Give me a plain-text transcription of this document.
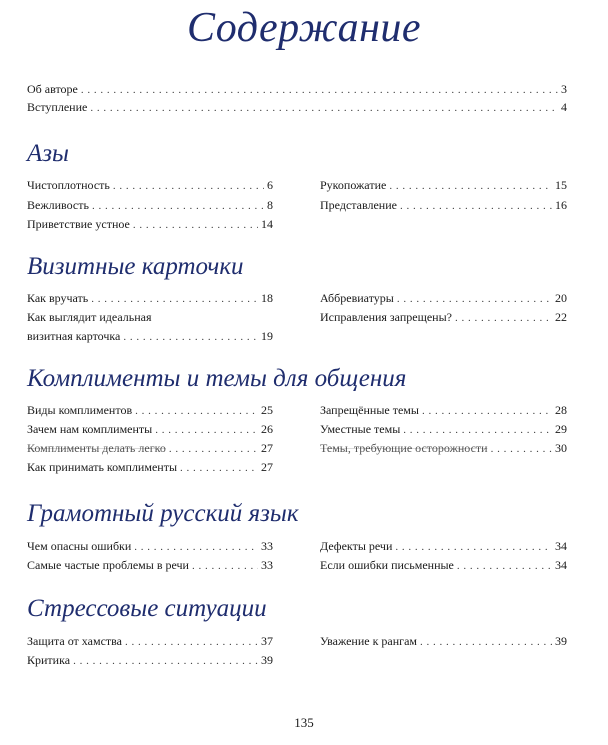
Содержание
Об авторе . . .	3
Вступление . . .	4
Азы
Чистоплотность . . .	6
Вежливость . . .	8
Приветствие устное . . .	14
Рукопожатие . . .	15
Представление . . .	16
Визитные карточки
Как вручать . . .	18
Как выглядит идеальная
визитная карточка . . .	19
Аббревиатуры . . .	20
Исправления запрещены? . . .	22
Комплименты и темы для общения
Виды комплиментов . . .	25
Зачем нам комплименты . . .	26
Комплименты делать легко . . .	27
Как принимать комплименты . . .	27
Запрещённые темы . . .	28
Уместные темы . . .	29
Темы, требующие осторожности . . .	30
Грамотный русский язык
Чем опасны ошибки . . .	33
Самые частые проблемы в речи . . .	33
Дефекты речи . . .	34
Если ошибки письменные . . .	34
Стрессовые ситуации
Защита от хамства . . .	37
Критика . . .	39
Уважение к рангам . . .	39
135
